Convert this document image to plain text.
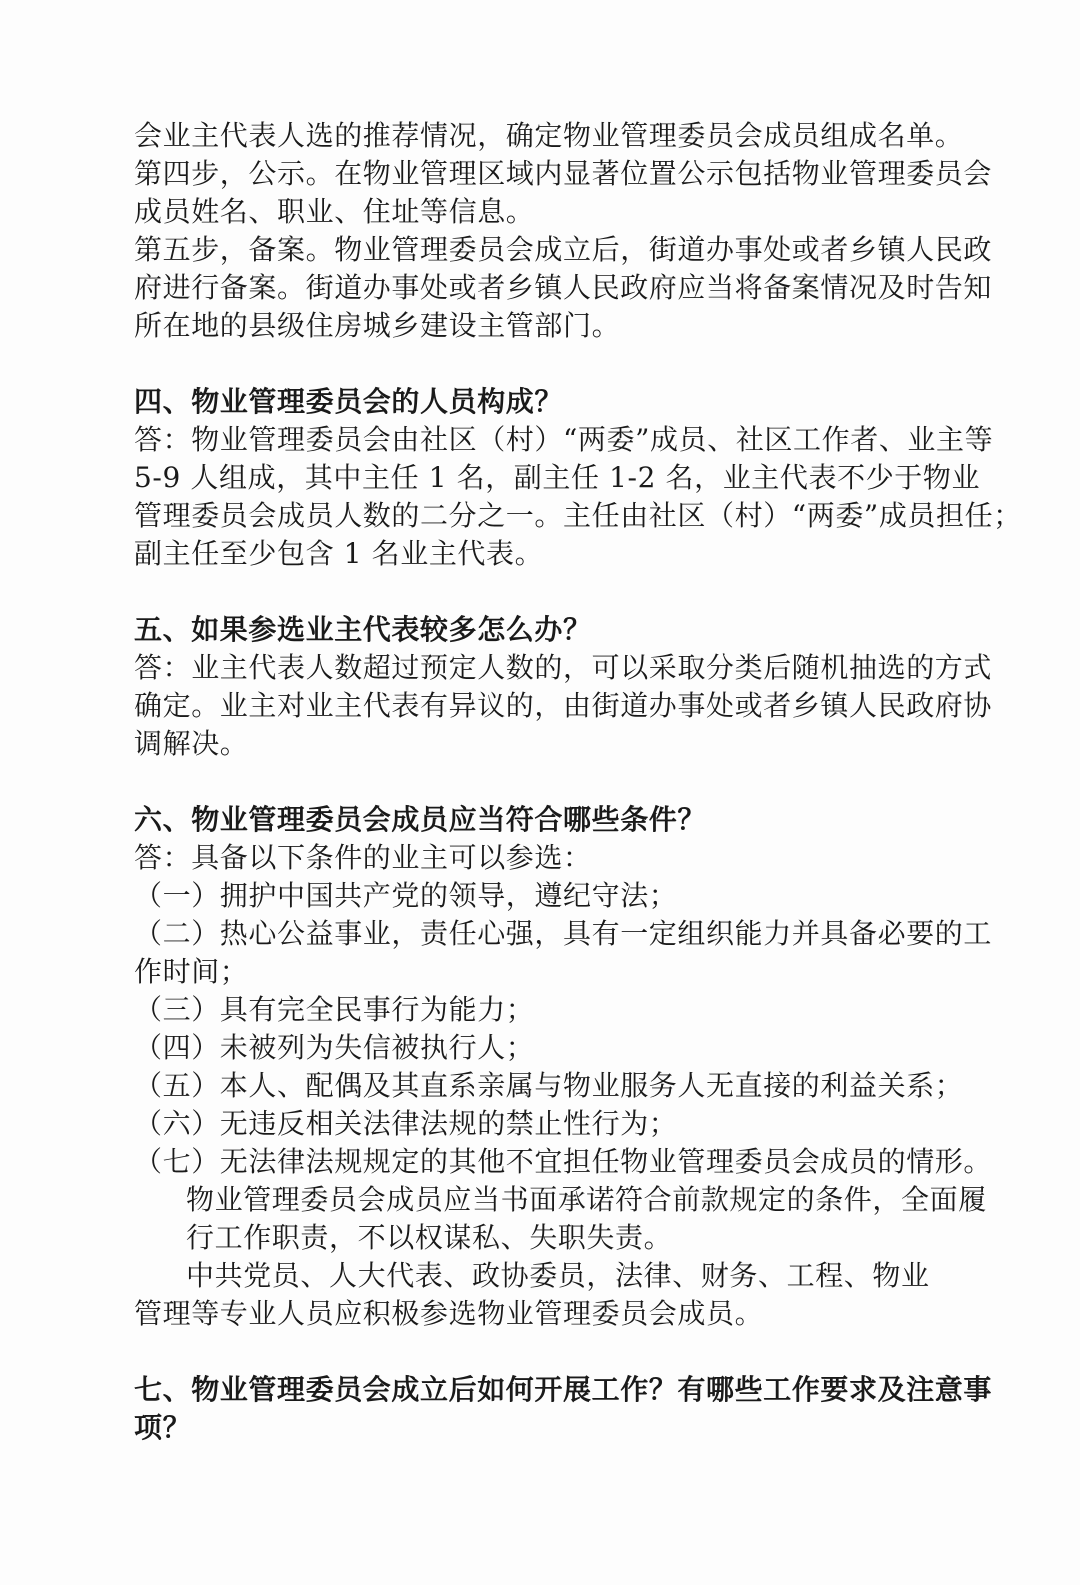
会业主代表人选的推荐情况，确定物业管理委员会成员组成名单。
第四步，公示。在物业管理区域内显著位置公示包括物业管理委员会
成员姓名、职业、住址等信息。
第五步，备案。物业管理委员会成立后，街道办事处或者乡镇人民政
府进行备案。街道办事处或者乡镇人民政府应当将备案情况及时告知
所在地的县级住房城乡建设主管部门。
四、物业管理委员会的人员构成？
答：物业管理委员会由社区（村）“两委”成员、社区工作者、业主等
5-9 人组成，其中主任 1 名，副主任 1-2 名，业主代表不少于物业
管理委员会成员人数的二分之一。主任由社区（村）“两委”成员担任；
副主任至少包含 1 名业主代表。
五、如果参选业主代表较多怎么办？
答：业主代表人数超过预定人数的，可以采取分类后随机抽选的方式
确定。业主对业主代表有异议的，由街道办事处或者乡镇人民政府协
调解决。
六、物业管理委员会成员应当符合哪些条件？
答：具备以下条件的业主可以参选：
（一）拥护中国共产党的领导，遵纪守法；
（二）热心公益事业，责任心强，具有一定组织能力并具备必要的工
作时间；
（三）具有完全民事行为能力；
（四）未被列为失信被执行人；
（五）本人、配偶及其直系亲属与物业服务人无直接的利益关系；
（六）无违反相关法律法规的禁止性行为；
（七）无法律法规规定的其他不宜担任物业管理委员会成员的情形。
物业管理委员会成员应当书面承诺符合前款规定的条件，全面履
行工作职责，不以权谋私、失职失责。
中共党员、人大代表、政协委员，法律、财务、工程、物业
管理等专业人员应积极参选物业管理委员会成员。
七、物业管理委员会成立后如何开展工作？有哪些工作要求及注意事
项？
